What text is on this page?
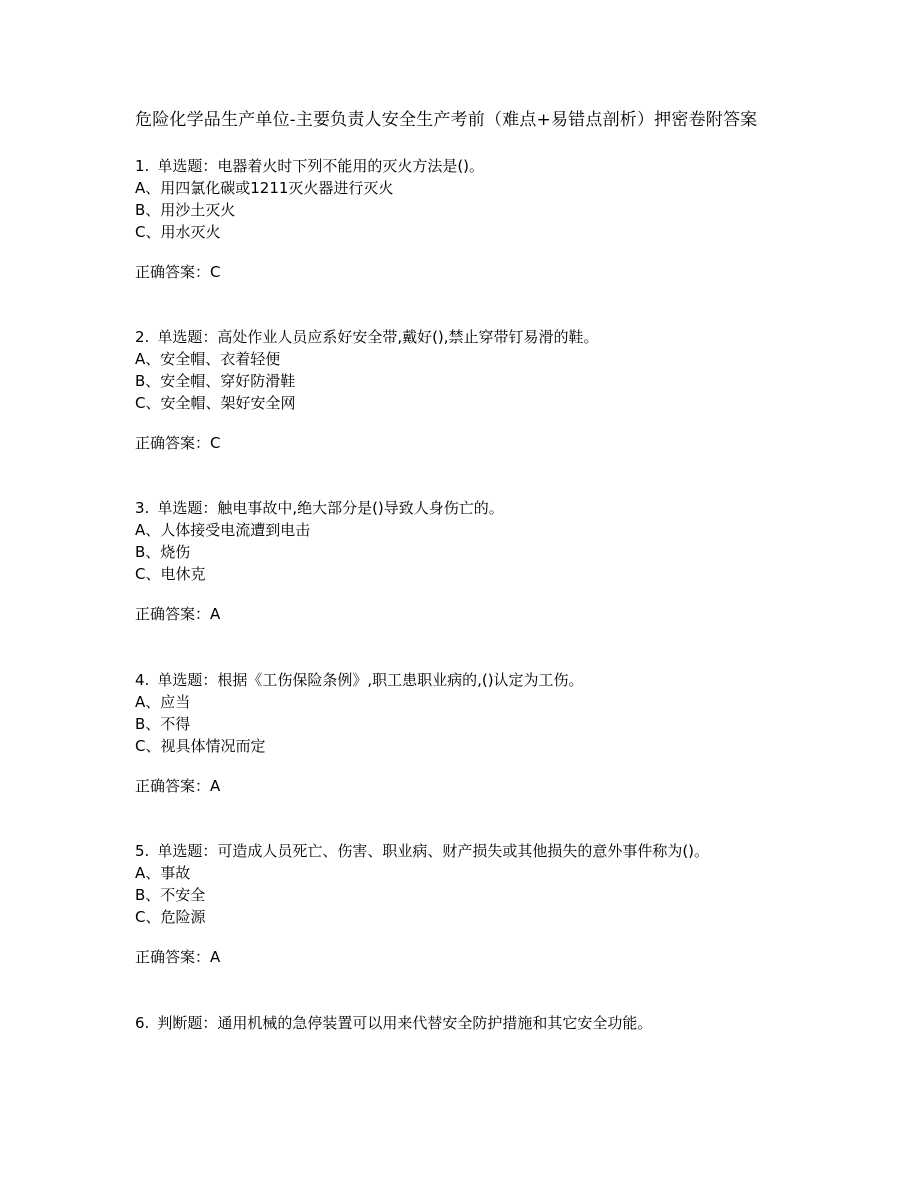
危险化学品生产单位-主要负责人安全生产考前（难点+易错点剖析）押密卷附答案
1. 单选题：电器着火时下列不能用的灭火方法是()。
A、用四氯化碳或1211灭火器进行灭火
B、用沙土灭火
C、用水灭火
正确答案：C
2. 单选题：高处作业人员应系好安全带,戴好(),禁止穿带钉易滑的鞋。
A、安全帽、衣着轻便
B、安全帽、穿好防滑鞋
C、安全帽、架好安全网
正确答案：C
3. 单选题：触电事故中,绝大部分是()导致人身伤亡的。
A、人体接受电流遭到电击
B、烧伤
C、电休克
正确答案：A
4. 单选题：根据《工伤保险条例》,职工患职业病的,()认定为工伤。
A、应当
B、不得
C、视具体情况而定
正确答案：A
5. 单选题：可造成人员死亡、伤害、职业病、财产损失或其他损失的意外事件称为()。
A、事故
B、不安全
C、危险源
正确答案：A
6. 判断题：通用机械的急停装置可以用来代替安全防护措施和其它安全功能。
